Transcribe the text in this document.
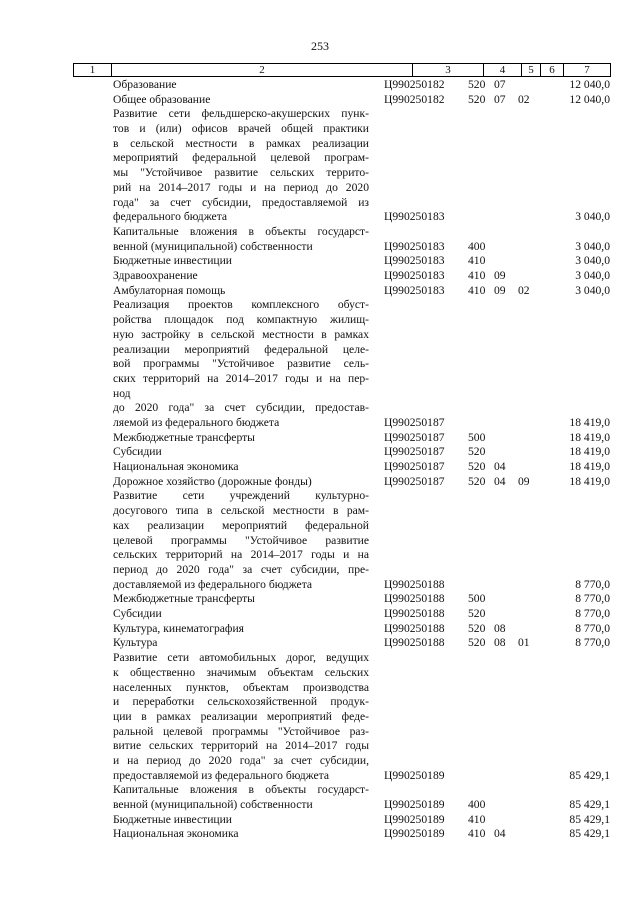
253
1	2	3	4	5	6	7
Образование	Ц990250182 520 07	12 040,0
Общее образование	Ц990250182 520 07 02	12 040,0
Развитие сети фельдшерско-акушерских пунк-
тов и (или) офисов врачей общей практики
в сельской местности в рамках реализации
мероприятий федеральной целевой програм-
мы "Устойчивое развитие сельских террито-
рий на 2014–2017 годы и на период до 2020
года" за счет субсидии, предоставляемой из
федерального бюджета	Ц990250183	3 040,0
Капитальные вложения в объекты государст-
венной (муниципальной) собственности	Ц990250183 400	3 040,0
Бюджетные инвестиции	Ц990250183 410	3 040,0
Здравоохранение	Ц990250183 410 09	3 040,0
Амбулаторная помощь	Ц990250183 410 09 02	3 040,0
Реализация проектов комплексного обуст-
ройства площадок под компактную жилищ-
ную застройку в сельской местности в рамках
реализации мероприятий федеральной целе-
вой программы "Устойчивое развитие сель-
ских территорий на 2014–2017 годы и на пер-
нод
до 2020 года" за счет субсидии, предостав-
ляемой из федерального бюджета	Ц990250187	18 419,0
Межбюджетные трансферты	Ц990250187 500	18 419,0
Субсидии	Ц990250187 520	18 419,0
Национальная экономика	Ц990250187 520 04	18 419,0
Дорожное хозяйство (дорожные фонды)	Ц990250187 520 04 09	18 419,0
Развитие сети учреждений культурно-
досугового типа в сельской местности в рам-
ках реализации мероприятий федеральной
целевой программы "Устойчивое развитие
сельских территорий на 2014–2017 годы и на
период до 2020 года" за счет субсидии, пре-
доставляемой из федерального бюджета	Ц990250188	8 770,0
Межбюджетные трансферты	Ц990250188 500	8 770,0
Субсидии	Ц990250188 520	8 770,0
Культура, кинематография	Ц990250188 520 08	8 770,0
Культура	Ц990250188 520 08 01	8 770,0
Развитие сети автомобильных дорог, ведущих
к общественно значимым объектам сельских
населенных пунктов, объектам производства
и переработки сельскохозяйственной продук-
ции в рамках реализации мероприятий феде-
ральной целевой программы "Устойчивое раз-
витие сельских территорий на 2014–2017 годы
и на период до 2020 года" за счет субсидии,
предоставляемой из федерального бюджета	Ц990250189	85 429,1
Капитальные вложения в объекты государст-
венной (муниципальной) собственности	Ц990250189 400	85 429,1
Бюджетные инвестиции	Ц990250189 410	85 429,1
Национальная экономика	Ц990250189 410 04	85 429,1
